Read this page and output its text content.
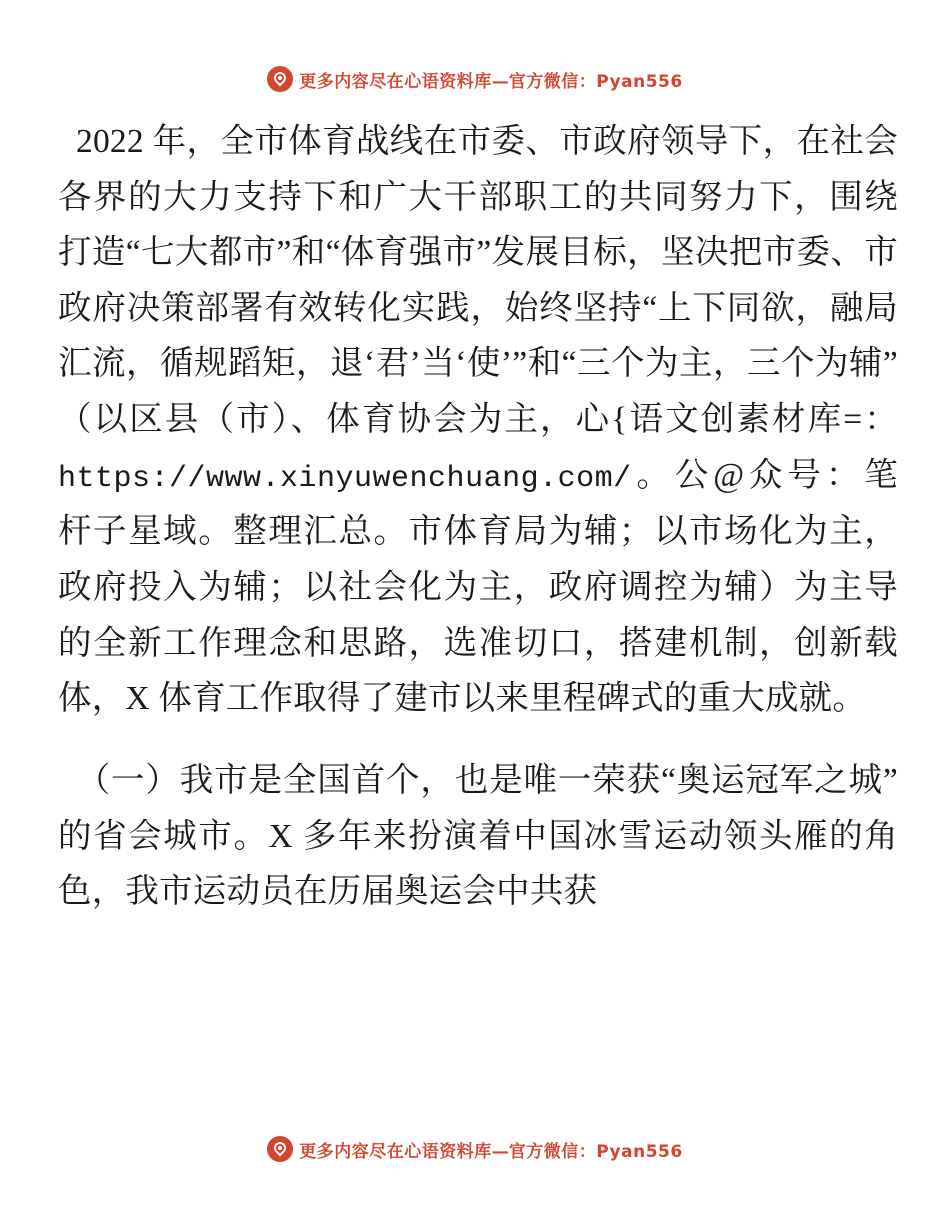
更多内容尽在心语资料库—官方微信：Pyan556

2022 年，全市体育战线在市委、市政府领导下，在社会各界的大力支持下和广大干部职工的共同努力下，围绕打造“七大都市”和“体育强市”发展目标，坚决把市委、市政府决策部署有效转化实践，始终坚持“上下同欲，融局汇流，循规蹈矩，退‘君’当‘使’”和“三个为主，三个为辅”（以区县（市）、体育协会为主，心{语文创素材库=：https://www.xinyuwenchuang.com/。公@众号：笔杆子星域。整理汇总。市体育局为辅；以市场化为主，政府投入为辅；以社会化为主，政府调控为辅）为主导的全新工作理念和思路，选准切口，搭建机制，创新载体，X 体育工作取得了建市以来里程碑式的重大成就。

（一）我市是全国首个，也是唯一荣获“奥运冠军之城”的省会城市。X 多年来扮演着中国冰雪运动领头雁的角色，我市运动员在历届奥运会中共获

更多内容尽在心语资料库—官方微信：Pyan556
